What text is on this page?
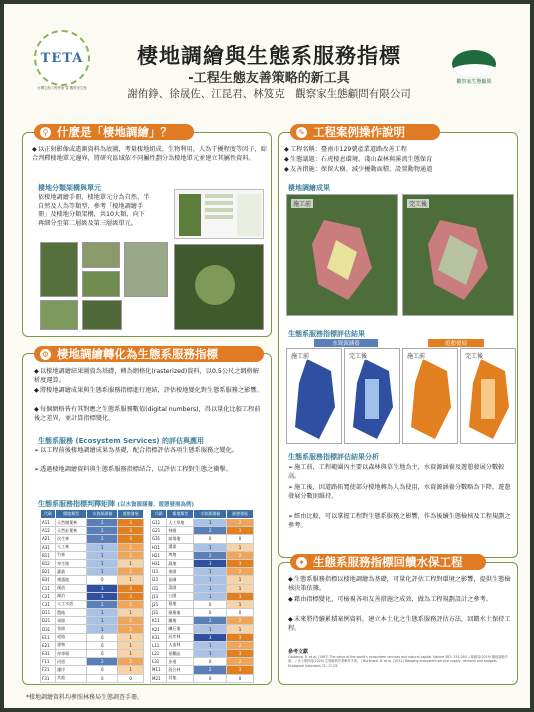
TETA
台灣生態工程學會 暨 觀察家生態
棲地調繪與生態系服務指標
-工程生態友善策略的新工具
謝侑錚、徐晟佐、江昆君、林笈克　觀察家生態顧問有限公司
觀察家生態顧問
⚲ 什麼是「棲地調繪」？
◆以正射影像或遙測資料為底圖，考量棲地組成、生物利用、人為干擾程度等因子，綜合判釋棲地單元邊界，將研究區域依不同屬性劃分為棲地單元並建立其屬性資料。
棲地分類架構與單元
依棲地調繪手冊，棲地單元分為自然、半自然及人為等類型，參考「棲地調繪手冊」及棲地分類架構，共10大類，向下再細分至第二層級及第三層級單元。
⚙ 棲地調繪轉化為生態系服務指標
◆以棲地調繪結果圖資為基礎，轉為網格化(rasterized)資料，以0.5公尺之網格解析度運算。
◆將棲地調繪成果與生態系服務指標進行連結，評估棲地變化對生態系服務之影響。
◆每個網格皆有其對應之生態系服務數值(digital numbers)，得以量化比較工程前後之差異，並計算指標變化。
生態系服務 (Ecosystem Services) 的評估與應用
➢以工程前後棲地調繪成果為基礎，配合指標評估各項生態系服務之變化。
➢透過棲地調繪資料與生態系服務指標結合，以評估工程對生態之衝擊。
生態系服務指標判釋矩陣 (以水資源涵養、遊憩發展為例)
代碼	棲地類型	水資源涵養	遊憩發展
A11	天然闊葉林	2	3
A12	天然針葉林	2	3
A21	次生林	2	3
A31	人工林	1	2
B11	竹林	1	2
B12	草生地	1	1
B21	灌叢	1	2
B31	裸露地	0	1
C11	溪流	3	3
C21	湖泊	3	3
C31	人工水道	2	2
D11	農地	1	1
D21	果園	1	2
D31	茶園	1	2
E11	道路	0	1
E21	建物	0	1
E31	停車場	0	1
F11	河道	2	2
F21	護岸	0	1
F31	其他	0	0
代碼	棲地類型	水資源涵養	遊憩發展
G11	人工草地	1	2
G21	林緣	2	3
G31	崩塌地	0	0
H11	溝渠	1	1
H21	埤塘	2	2
H31	濕地	3	3
I11	果園	1	2
I21	苗圃	1	1
I31	菜園	1	1
J11	公園	1	3
J21	墓地	0	1
J31	廢棄地	0	0
K11	灘地	2	2
K21	礫石地	1	1
K31	河岸林	3	3
L11	人造林	1	2
L21	景觀區	1	3
L31	步道	0	2
M11	混合林	2	3
M21	其他	0	0
✎ 工程案例操作說明
◆工程名稱：臺南市129號產業道路改善工程
◆生態議題：石虎棲息環境、淺山森林與溪流生態保育
◆友善措施：保留大樹、減少擾動面積、設置動物通道
棲地調繪成果
施工前	完工後
生態系服務指標評估結果
水資源涵養	遊憩發展
施工前	完工後	施工前	完工後
生態系服務指標評估結果分析
➢施工前，工程範圍內主要以森林與草生地為主，水資源涵養及遊憩發展分數較高。
➢施工後，因道路拓寬使部分棲地轉為人為使用，水資源涵養分數略為下降，遊憩發展分數則維持。
➢經由比較，可以掌握工程對生態系服務之影響，作為後續生態檢核及工程規劃之參考。
✦ 生態系服務指標回饋水保工程
◆生態系服務指標以棲地調繪為基礎，可量化評估工程對環境之影響，提供生態檢核決策依據。
◆藉由指標變化，可檢視各項友善措施之成效，做為工程規劃設計之參考。
◆未來將持續累積案例資料，建立本土化之生態系服務評估方法，回饋水土保持工程。
參考文獻
Costanza, R. et al. (1997) The value of the world's ecosystem services and natural capital. Nature 387: 253-260. / 林務局(2019) 棲地調繪手冊。 / 水土保持局(2020) 生態檢核作業參考手冊。 / Burkhard, B. et al. (2012) Mapping ecosystem service supply, demand and budgets. Ecological Indicators 21: 17-29.
*棲地調繪資料均參照林務局生態調查手冊。
